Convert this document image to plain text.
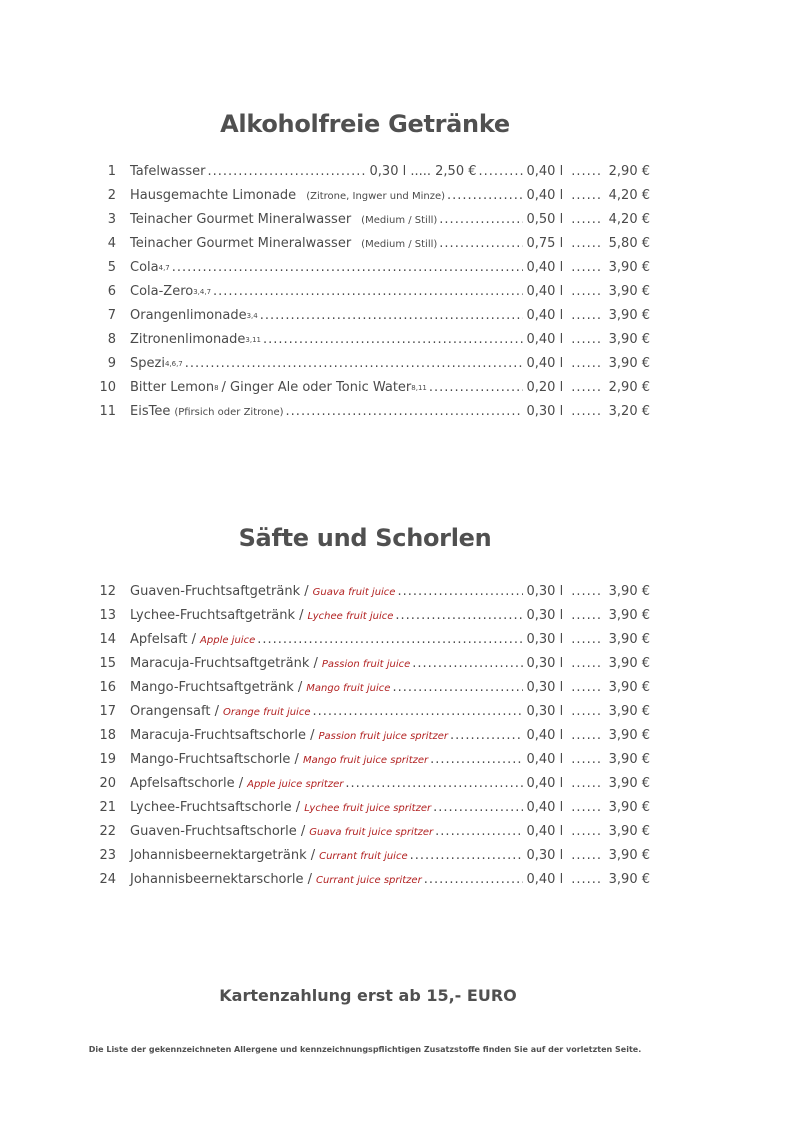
Alkoholfreie Getränke
1 Tafelwasser .....	0,30 l ..... 2,50 € .....	0,40 l ...... 2,90 €
2 Hausgemachte Limonade (Zitrone, Ingwer und Minze) .....	0,40 l ...... 4,20 €
3 Teinacher Gourmet Mineralwasser (Medium / Still) .....	0,50 l ...... 4,20 €
4 Teinacher Gourmet Mineralwasser (Medium / Still) .....	0,75 l ...... 5,80 €
5 Cola$^{4,7}$ .....	0,40 l ...... 3,90 €
6 Cola-Zero$^{3,4,7}$ .....	0,40 l ...... 3,90 €
7 Orangenlimonade$^{3,4}$ .....	0,40 l ...... 3,90 €
8 Zitronenlimonade$^{3,11}$ .....	0,40 l ...... 3,90 €
9 Spezi$^{4,6,7}$ .....	0,40 l ...... 3,90 €
10 Bitter Lemon$^8$ / Ginger Ale oder Tonic Water$^{8,11}$ .....	0,20 l ...... 2,90 €
11 EisTee (Pfirsich oder Zitrone) .....	0,30 l ...... 3,20 €
Säfte und Schorlen
12 Guaven-Fruchtsaftgetränk / Guava fruit juice .....	0,30 l ...... 3,90 €
13 Lychee-Fruchtsaftgetränk / Lychee fruit juice .....	0,30 l ...... 3,90 €
14 Apfelsaft / Apple juice .....	0,30 l ...... 3,90 €
15 Maracuja-Fruchtsaftgetränk / Passion fruit juice .....	0,30 l ...... 3,90 €
16 Mango-Fruchtsaftgetränk / Mango fruit juice .....	0,30 l ...... 3,90 €
17 Orangensaft / Orange fruit juice .....	0,30 l ...... 3,90 €
18 Maracuja-Fruchtsaftschorle / Passion fruit juice spritzer .....	0,40 l ...... 3,90 €
19 Mango-Fruchtsaftschorle / Mango fruit juice spritzer .....	0,40 l ...... 3,90 €
20 Apfelsaftschorle / Apple juice spritzer .....	0,40 l ...... 3,90 €
21 Lychee-Fruchtsaftschorle / Lychee fruit juice spritzer .....	0,40 l ...... 3,90 €
22 Guaven-Fruchtsaftschorle / Guava fruit juice spritzer .....	0,40 l ...... 3,90 €
23 Johannisbeernektargetränk / Currant fruit juice .....	0,30 l ...... 3,90 €
24 Johannisbeernektarschorle / Currant juice spritzer .....	0,40 l ...... 3,90 €

Kartenzahlung erst ab 15,- EURO

Die Liste der gekennzeichneten Allergene und kennzeichnungspflichtigen Zusatzstoffe finden Sie auf der vorletzten Seite.
